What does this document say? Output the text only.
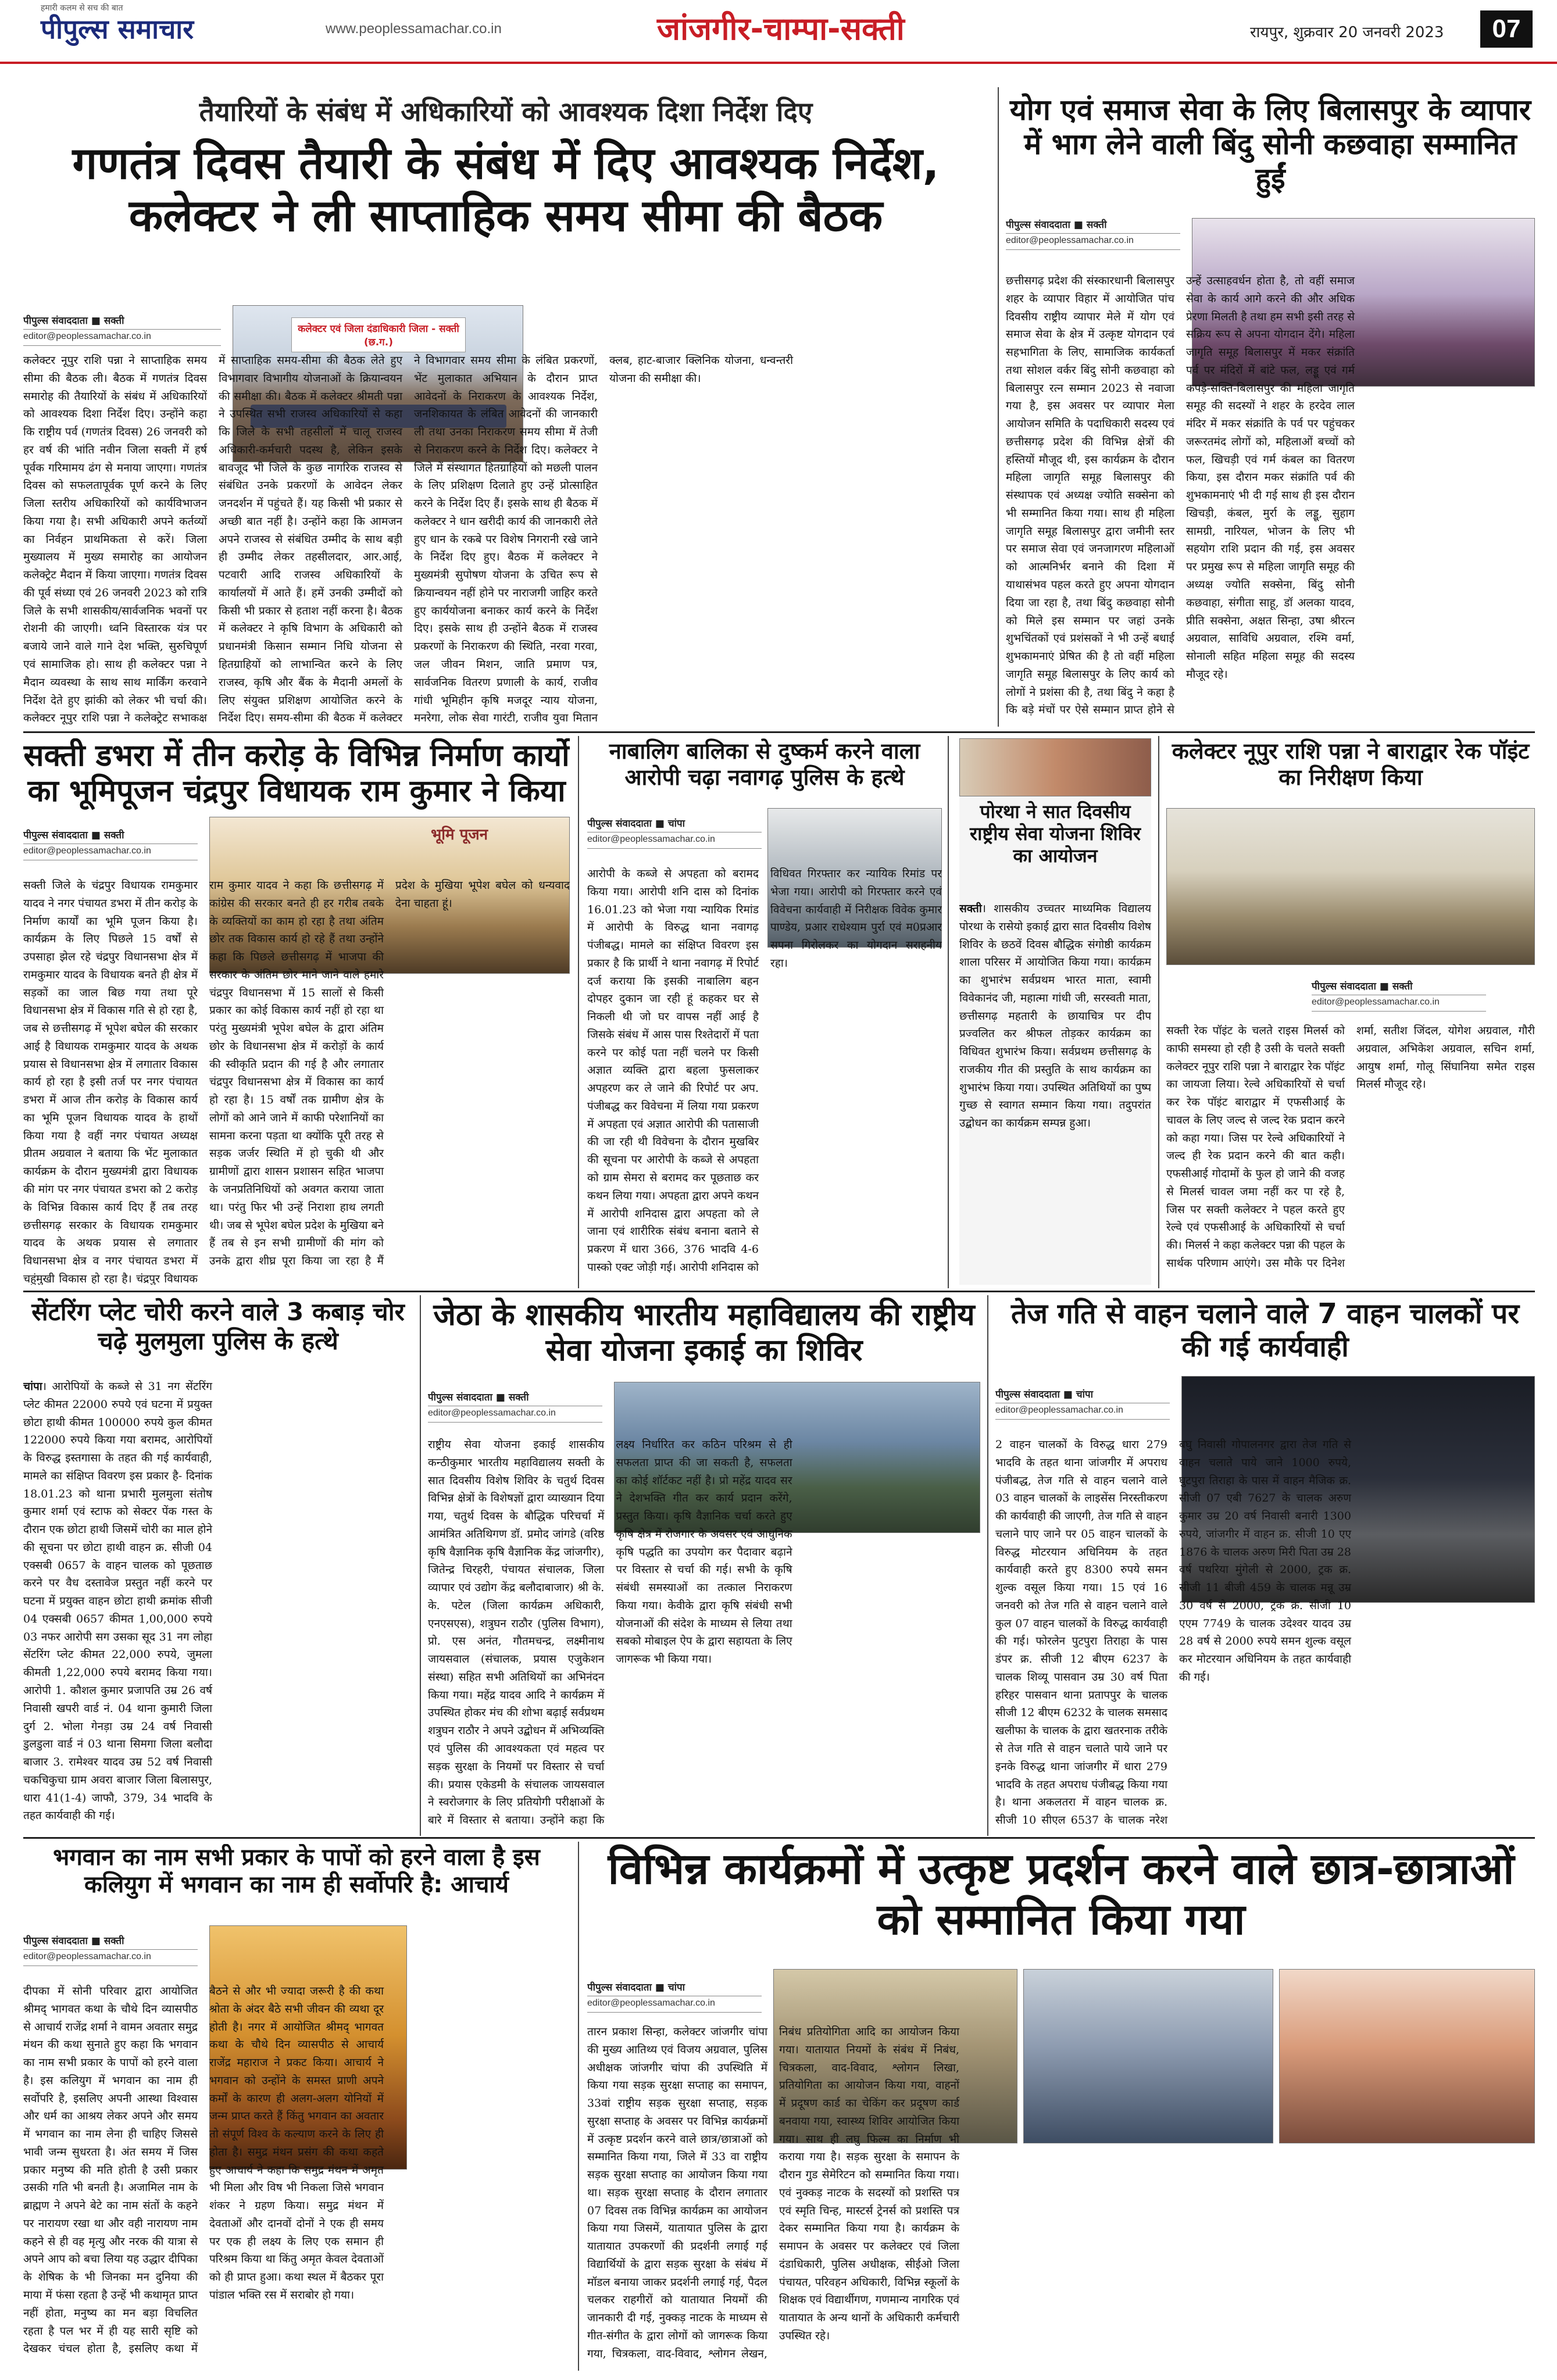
हमारी कलम से सच की बात
पीपुल्स समाचार	www.peoplessamachar.co.in	जांजगीर-चाम्पा-सक्ती	रायपुर, शुक्रवार 20 जनवरी 2023	07
तैयारियों के संबंध में अधिकारियों को आवश्यक दिशा निर्देश दिए
गणतंत्र दिवस तैयारी के संबंध में दिए आवश्यक निर्देश, कलेक्टर ने ली साप्ताहिक समय सीमा की बैठक
पीपुल्स संवाददाता ■ सक्ती
editor@peoplessamachar.co.in
कलेक्टर एवं जिला दंडाधिकारी जिला - सक्ती (छ.ग.)
कलेक्टर नूपुर राशि पन्ना ने साप्ताहिक समय सीमा की बैठक ली। बैठक में गणतंत्र दिवस समारोह की तैयारियों के संबंध में अधिकारियों को आवश्यक दिशा निर्देश दिए। उन्होंने कहा कि राष्ट्रीय पर्व (गणतंत्र दिवस) 26 जनवरी को हर वर्ष की भांति नवीन जिला सक्ती में हर्ष पूर्वक गरिमामय ढंग से मनाया जाएगा। गणतंत्र दिवस को सफलतापूर्वक पूर्ण करने के लिए जिला स्तरीय अधिकारियों को कार्यविभाजन किया गया है। सभी अधिकारी अपने कर्तव्यों का निर्वहन प्राथमिकता से करें। जिला मुख्यालय में मुख्य समारोह का आयोजन कलेक्ट्रेट मैदान में किया जाएगा। गणतंत्र दिवस की पूर्व संध्या एवं 26 जनवरी 2023 को रात्रि जिले के सभी शासकीय/सार्वजनिक भवनों पर रोशनी की जाएगी। ध्वनि विस्तारक यंत्र पर बजाये जाने वाले गाने देश भक्ति, सुरुचिपूर्ण एवं सामाजिक हो। साथ ही कलेक्टर पन्ना ने मैदान व्यवस्था के साथ साथ मार्किंग करवाने निर्देश देते हुए झांकी को लेकर भी चर्चा की। कलेक्टर नूपुर राशि पन्ना ने कलेक्ट्रेट सभाकक्ष में साप्ताहिक समय-सीमा की बैठक लेते हुए विभागवार विभागीय योजनाओं के क्रियान्वयन की समीक्षा की। बैठक में कलेक्टर श्रीमती पन्ना ने उपस्थित सभी राजस्व अधिकारियों से कहा कि जिले के सभी तहसीलों में चालू राजस्व अधिकारी-कर्मचारी पदस्थ है, लेकिन इसके बावजूद भी जिले के कुछ नागरिक राजस्व से संबंधित उनके प्रकरणों के आवेदन लेकर जनदर्शन में पहुंचते हैं। यह किसी भी प्रकार से अच्छी बात नहीं है। उन्होंने कहा कि आमजन अपने राजस्व से संबंधित उम्मीद के साथ बड़ी ही उम्मीद लेकर तहसीलदार, आर.आई, पटवारी आदि राजस्व अधिकारियों के कार्यालयों में आते हैं। हमें उनकी उम्मीदों को किसी भी प्रकार से हताश नहीं करना है। बैठक में कलेक्टर ने कृषि विभाग के अधिकारी को प्रधानमंत्री किसान सम्मान निधि योजना से हितग्राहियों को लाभान्वित करने के लिए राजस्व, कृषि और बैंक के मैदानी अमलों के लिए संयुक्त प्रशिक्षण आयोजित करने के निर्देश दिए। समय-सीमा की बैठक में कलेक्टर ने विभागवार समय सीमा के लंबित प्रकरणों, भेंट मुलाकात अभियान के दौरान प्राप्त आवेदनों के निराकरण के आवश्यक निर्देश, जनशिकायत के लंबित आवेदनों की जानकारी ली तथा उनका निराकरण समय सीमा में तेजी से निराकरण करने के निर्देश दिए। कलेक्टर ने जिले में संस्थागत हितग्राहियों को मछली पालन के लिए प्रशिक्षण दिलाते हुए उन्हें प्रोत्साहित करने के निर्देश दिए हैं। इसके साथ ही बैठक में कलेक्टर ने धान खरीदी कार्य की जानकारी लेते हुए धान के रकबे पर विशेष निगरानी रखे जाने के निर्देश दिए हुए। बैठक में कलेक्टर ने मुख्यमंत्री सुपोषण योजना के उचित रूप से क्रियान्वयन नहीं होने पर नाराजगी जाहिर करते हुए कार्ययोजना बनाकर कार्य करने के निर्देश दिए। इसके साथ ही उन्होंने बैठक में राजस्व प्रकरणों के निराकरण की स्थिति, नरवा गरवा, जल जीवन मिशन, जाति प्रमाण पत्र, सार्वजनिक वितरण प्रणाली के कार्य, राजीव गांधी भूमिहीन कृषि मजदूर न्याय योजना, मनरेगा, लोक सेवा गारंटी, राजीव युवा मितान क्लब, हाट-बाजार क्लिनिक योजना, धन्वन्तरी योजना की समीक्षा की।
योग एवं समाज सेवा के लिए बिलासपुर के व्यापार में भाग लेने वाली बिंदु सोनी कछवाहा सम्मानित हुईं
पीपुल्स संवाददाता ■ सक्ती
editor@peoplessamachar.co.in
छत्तीसगढ़ प्रदेश की संस्कारधानी बिलासपुर शहर के व्यापार विहार में आयोजित पांच दिवसीय राष्ट्रीय व्यापार मेले में योग एवं समाज सेवा के क्षेत्र में उत्कृष्ट योगदान एवं सहभागिता के लिए, सामाजिक कार्यकर्ता तथा सोशल वर्कर बिंदु सोनी कछवाहा को बिलासपुर रत्न सम्मान 2023 से नवाजा गया है, इस अवसर पर व्यापार मेला आयोजन समिति के पदाधिकारी सदस्य एवं छत्तीसगढ़ प्रदेश की विभिन्न क्षेत्रों की हस्तियों मौजूद थी, इस कार्यक्रम के दौरान महिला जागृति समूह बिलासपुर की संस्थापक एवं अध्यक्ष ज्योति सक्सेना को भी सम्मानित किया गया। साथ ही महिला जागृति समूह बिलासपुर द्वारा जमीनी स्तर पर समाज सेवा एवं जनजागरण महिलाओं को आत्मनिर्भर बनाने की दिशा में याथासंभव पहल करते हुए अपना योगदान दिया जा रहा है, तथा बिंदु कछवाहा सोनी को मिले इस सम्मान पर जहां उनके शुभचिंतकों एवं प्रशंसकों ने भी उन्हें बधाई शुभकामनाएं प्रेषित की है तो वहीं महिला जागृति समूह बिलासपुर के लिए कार्य को लोगों ने प्रशंसा की है, तथा बिंदु ने कहा है कि बड़े मंचों पर ऐसे सम्मान प्राप्त होने से उन्हें उत्साहवर्धन होता है, तो वहीं समाज सेवा के कार्य आगे करने की और अधिक प्रेरणा मिलती है तथा हम सभी इसी तरह से सक्रिय रूप से अपना योगदान देंगे। महिला जागृति समूह बिलासपुर में मकर संक्रांति पर्व पर मंदिरों में बांटे फल, लड्डू एवं गर्म कपड़े-सक्ति-बिलासपुर की महिला जागृति समूह की सदस्यों ने शहर के हरदेव लाल मंदिर में मकर संक्रांति के पर्व पर पहुंचकर जरूरतमंद लोगों को, महिलाओं बच्चों को फल, खिचड़ी एवं गर्म कंबल का वितरण किया, इस दौरान मकर संक्रांति पर्व की शुभकामनाएं भी दी गई साथ ही इस दौरान खिचड़ी, कंबल, मुर्रा के लड्डू, सुहाग सामग्री, नारियल, भोजन के लिए भी सहयोग राशि प्रदान की गई, इस अवसर पर प्रमुख रूप से महिला जागृति समूह की अध्यक्ष ज्योति सक्सेना, बिंदु सोनी कछवाहा, संगीता साहू, डॉ अलका यादव, प्रीति सक्सेना, अक्षत सिन्हा, उषा श्रीरत्न अग्रवाल, साविधि अग्रवाल, रश्मि वर्मा, सोनाली सहित महिला समूह की सदस्य मौजूद रहे।
सक्ती डभरा में तीन करोड़ के विभिन्न निर्माण कार्यो का भूमिपूजन चंद्रपुर विधायक राम कुमार ने किया
पीपुल्स संवाददाता ■ सक्ती
editor@peoplessamachar.co.in
भूमि पूजन
सक्ती जिले के चंद्रपुर विधायक रामकुमार यादव ने नगर पंचायत डभरा में तीन करोड़ के निर्माण कार्यों का भूमि पूजन किया है। कार्यक्रम के लिए पिछले 15 वर्षों से उपसाहा झेल रहे चंद्रपुर विधानसभा क्षेत्र में रामकुमार यादव के विधायक बनते ही क्षेत्र में सड़कों का जाल बिछ गया तथा पूरे विधानसभा क्षेत्र में विकास गति से हो रहा है, जब से छत्तीसगढ़ में भूपेश बघेल की सरकार आई है विधायक रामकुमार यादव के अथक प्रयास से विधानसभा क्षेत्र में लगातार विकास कार्य हो रहा है इसी तर्ज पर नगर पंचायत डभरा में आज तीन करोड़ के विकास कार्य का भूमि पूजन विधायक यादव के हाथों किया गया है वहीं नगर पंचायत अध्यक्ष प्रीतम अग्रवाल ने बताया कि भेंट मुलाकात कार्यक्रम के दौरान मुख्यमंत्री द्वारा विधायक की मांग पर नगर पंचायत डभरा को 2 करोड़ के विभिन्न विकास कार्य दिए हैं तब तरह छत्तीसगढ़ सरकार के विधायक रामकुमार यादव के अथक प्रयास से लगातार विधानसभा क्षेत्र व नगर पंचायत डभरा में चहुंमुखी विकास हो रहा है। चंद्रपुर विधायक राम कुमार यादव ने कहा कि छत्तीसगढ़ में कांग्रेस की सरकार बनते ही हर गरीब तबके के व्यक्तियों का काम हो रहा है तथा अंतिम छोर तक विकास कार्य हो रहे हैं तथा उन्होंने कहा कि पिछले छत्तीसगढ़ में भाजपा की सरकार के अंतिम छोर माने जाने वाले हमारे चंद्रपुर विधानसभा में 15 सालों से किसी प्रकार का कोई विकास कार्य नहीं हो रहा था परंतु मुख्यमंत्री भूपेश बघेल के द्वारा अंतिम छोर के विधानसभा क्षेत्र में करोड़ों के कार्य की स्वीकृति प्रदान की गई है और लगातार चंद्रपुर विधानसभा क्षेत्र में विकास का कार्य हो रहा है। 15 वर्षों तक ग्रामीण क्षेत्र के लोगों को आने जाने में काफी परेशानियों का सामना करना पड़ता था क्योंकि पूरी तरह से सड़क जर्जर स्थिति में हो चुकी थी और ग्रामीणों द्वारा शासन प्रशासन सहित भाजपा के जनप्रतिनिधियों को अवगत कराया जाता था। परंतु फिर भी उन्हें निराशा हाथ लगती थी। जब से भूपेश बघेल प्रदेश के मुखिया बने हैं तब से इन सभी ग्रामीणों की मांग को उनके द्वारा शीघ्र पूरा किया जा रहा है मैं प्रदेश के मुखिया भूपेश बघेल को धन्यवाद देना चाहता हूं।
नाबालिग बालिका से दुष्कर्म करने वाला आरोपी चढ़ा नवागढ़ पुलिस के हत्थे
पीपुल्स संवाददाता ■ चांपा
editor@peoplessamachar.co.in
आरोपी के कब्जे से अपहता को बरामद किया गया। आरोपी शनि दास को दिनांक 16.01.23 को भेजा गया न्यायिक रिमांड में आरोपी के विरुद्ध थाना नवागढ़ पंजीबद्ध। मामले का संक्षिप्त विवरण इस प्रकार है कि प्रार्थी ने थाना नवागढ़ में रिपोर्ट दर्ज कराया कि इसकी नाबालिग बहन दोपहर दुकान जा रही हूं कहकर घर से निकली थी जो घर वापस नहीं आई है जिसके संबंध में आस पास रिश्तेदारों में पता करने पर कोई पता नहीं चलने पर किसी अज्ञात व्यक्ति द्वारा बहला फुसलाकर अपहरण कर ले जाने की रिपोर्ट पर अप. पंजीबद्ध कर विवेचना में लिया गया प्रकरण में अपहता एवं अज्ञात आरोपी की पतासाजी की जा रही थी विवेचना के दौरान मुखबिर की सूचना पर आरोपी के कब्जे से अपहता को ग्राम सेमरा से बरामद कर पूछताछ कर कथन लिया गया। अपहता द्वारा अपने कथन में आरोपी शनिदास द्वारा अपहता को ले जाना एवं शारीरिक संबंध बनाना बताने से प्रकरण में धारा 366, 376 भादवि 4-6 पास्को एक्ट जोड़ी गई। आरोपी शनिदास को विधिवत गिरफ्तार कर न्यायिक रिमांड पर भेजा गया। आरोपी को गिरफ्तार करने एवं विवेचना कार्यवाही में निरीक्षक विवेक कुमार पाण्डेय, प्रआर राधेश्याम पुर्रा एवं म0प्रआर सपना गिरोलकर का योगदान सराहनीय रहा।
पोरथा ने सात दिवसीय राष्ट्रीय सेवा योजना शिविर का आयोजन
सक्ती। शासकीय उच्चतर माध्यमिक विद्यालय पोरथा के रासेयो इकाई द्वारा सात दिवसीय विशेष शिविर के छठवें दिवस बौद्धिक संगोष्ठी कार्यक्रम शाला परिसर में आयोजित किया गया। कार्यक्रम का शुभारंभ सर्वप्रथम भारत माता, स्वामी विवेकानंद जी, महात्मा गांधी जी, सरस्वती माता, छत्तीसगढ़ महतारी के छायाचित्र पर दीप प्रज्वलित कर श्रीफल तोड़कर कार्यक्रम का विधिवत शुभारंभ किया। सर्वप्रथम छत्तीसगढ़ के राजकीय गीत की प्रस्तुति के साथ कार्यक्रम का शुभारंभ किया गया। उपस्थित अतिथियों का पुष्प गुच्छ से स्वागत सम्मान किया गया। तदुपरांत उद्बोधन का कार्यक्रम सम्पन्न हुआ।
कलेक्टर नूपुर राशि पन्ना ने बाराद्वार रेक पॉइंट का निरीक्षण किया
पीपुल्स संवाददाता ■ सक्ती
editor@peoplessamachar.co.in
सक्ती रेक पॉइंट के चलते राइस मिलर्स को काफी समस्या हो रही है उसी के चलते सक्ती कलेक्टर नूपुर राशि पन्ना ने बाराद्वार रेक पॉइंट का जायजा लिया। रेल्वे अधिकारियों से चर्चा कर रेक पॉइंट बाराद्वार में एफसीआई के चावल के लिए जल्द से जल्द रेक प्रदान करने को कहा गया। जिस पर रेल्वे अधिकारियों ने जल्द ही रेक प्रदान करने की बात कही। एफसीआई गोदामों के फुल हो जाने की वजह से मिलर्स चावल जमा नहीं कर पा रहे है, जिस पर सक्ती कलेक्टर ने पहल करते हुए रेल्वे एवं एफसीआई के अधिकारियों से चर्चा की। मिलर्स ने कहा कलेक्टर पन्ना की पहल के सार्थक परिणाम आएंगे। उस मौके पर दिनेश शर्मा, सतीश जिंदल, योगेश अग्रवाल, गौरी अग्रवाल, अभिकेश अग्रवाल, सचिन शर्मा, आयुष शर्मा, गोलू सिंघानिया समेत राइस मिलर्स मौजूद रहे।
सेंटरिंग प्लेट चोरी करने वाले 3 कबाड़ चोर चढ़े मुलमुला पुलिस के हत्थे
चांपा। आरोपियों के कब्जे से 31 नग सेंटरिंग प्लेट कीमत 22000 रुपये एवं घटना में प्रयुक्त छोटा हाथी कीमत 100000 रुपये कुल कीमत 122000 रुपये किया गया बरामद, आरोपियों के विरुद्ध इस्तगासा के तहत की गई कार्यवाही, मामले का संक्षिप्त विवरण इस प्रकार है- दिनांक 18.01.23 को थाना प्रभारी मुलमुला संतोष कुमार शर्मा एवं स्टाफ को सेक्टर पेंक गस्त के दौरान एक छोटा हाथी जिसमें चोरी का माल होने की सूचना पर छोटा हाथी वाहन क्र. सीजी 04 एक्सबी 0657 के वाहन चालक को पूछताछ करने पर वैध दस्तावेज प्रस्तुत नहीं करने पर घटना में प्रयुक्त वाहन छोटा हाथी क्रमांक सीजी 04 एक्सबी 0657 कीमत 1,00,000 रुपये 03 नफर आरोपी सग उसका सूद 31 नग लोहा सेंटरिंग प्लेट कीमत 22,000 रुपये, जुमला कीमती 1,22,000 रुपये बरामद किया गया। आरोपी 1. कौशल कुमार प्रजापति उम्र 26 वर्ष निवासी खपरी वार्ड नं. 04 थाना कुमारी जिला दुर्ग 2. भोला गेनड़ा उम्र 24 वर्ष निवासी डुलडुला वार्ड नं 03 थाना सिमगा जिला बलौदा बाजार 3. रामेश्वर यादव उम्र 52 वर्ष निवासी चकचिकुचा ग्राम अवरा बाजार जिला बिलासपुर, धारा 41(1-4) जाफौ, 379, 34 भादवि के तहत कार्यवाही की गई।
जेठा के शासकीय भारतीय महाविद्यालय की राष्ट्रीय सेवा योजना इकाई का शिविर
पीपुल्स संवाददाता ■ सक्ती
editor@peoplessamachar.co.in
राष्ट्रीय सेवा योजना इकाई शासकीय कन्ठीकुमार भारतीय महाविद्यालय सक्ती के सात दिवसीय विशेष शिविर के चतुर्थ दिवस विभिन्न क्षेत्रों के विशेषज्ञों द्वारा व्याख्यान दिया गया, चतुर्थ दिवस के बौद्धिक परिचर्चा में आमंत्रित अतिथिगण डॉ. प्रमोद जांगडे (वरिष्ठ कृषि वैज्ञानिक कृषि वैज्ञानिक केंद्र जांजगीर), जितेन्द्र चिरहरी, पंचायत संचालक, जिला व्यापार एवं उद्योग केंद्र बलौदाबाजार) श्री के. के. पटेल (जिला कार्यक्रम अधिकारी, एनएसएस), शत्रुघन राठौर (पुलिस विभाग), प्रो. एस अनंत, गौतमचन्द्र, लक्ष्मीनाथ जायसवाल (संचालक, प्रयास एजुकेशन संस्था) सहित सभी अतिथियों का अभिनंदन किया गया। महेंद्र यादव आदि ने कार्यक्रम में उपस्थित होकर मंच की शोभा बढ़ाई सर्वप्रथम शत्रुघन राठौर ने अपने उद्बोधन में अभिव्यक्ति एवं पुलिस की आवश्यकता एवं महत्व पर सड़क सुरक्षा के नियमों पर विस्तार से चर्चा की। प्रयास एकेडमी के संचालक जायसवाल ने स्वरोजगार के लिए प्रतियोगी परीक्षाओं के बारे में विस्तार से बताया। उन्होंने कहा कि लक्ष्य निर्धारित कर कठिन परिश्रम से ही सफलता प्राप्त की जा सकती है, सफलता का कोई शॉर्टकट नहीं है। प्रो महेंद्र यादव सर ने देशभक्ति गीत कर कार्य प्रदान करेंगे, प्रस्तुत किया। कृषि वैज्ञानिक चर्चा करते हुए कृषि क्षेत्र में रोजगार के अवसर एवं आधुनिक कृषि पद्धति का उपयोग कर पैदावार बढ़ाने पर विस्तार से चर्चा की गई। सभी के कृषि संबंधी समस्याओं का तत्काल निराकरण किया गया। केवीके द्वारा कृषि संबंधी सभी योजनाओं की संदेश के माध्यम से लिया तथा सबको मोबाइल ऐप के द्वारा सहायता के लिए जागरूक भी किया गया।
तेज गति से वाहन चलाने वाले 7 वाहन चालकों पर की गई कार्यवाही
पीपुल्स संवाददाता ■ चांपा
editor@peoplessamachar.co.in
2 वाहन चालकों के विरुद्ध धारा 279 भादवि के तहत थाना जांजगीर में अपराध पंजीबद्ध, तेज गति से वाहन चलाने वाले 03 वाहन चालकों के लाइसेंस निरस्तीकरण की कार्यवाही की जाएगी, तेज गति से वाहन चलाने पाए जाने पर 05 वाहन चालकों के विरुद्ध मोटरयान अधिनियम के तहत कार्यवाही करते हुए 8300 रुपये समन शुल्क वसूल किया गया। 15 एवं 16 जनवरी को तेज गति से वाहन चलाने वाले कुल 07 वाहन चालकों के विरुद्ध कार्यवाही की गई। फोरलेन पुटपुरा तिराहा के पास डंपर क्र. सीजी 12 बीएम 6237 के चालक शिव्यू पासवान उम्र 30 वर्ष पिता हरिहर पासवान थाना प्रतापपुर के चालक सीजी 12 बीएम 6232 के चालक समसाद खलीफा के चालक के द्वारा खतरनाक तरीके से तेज गति से वाहन चलाते पाये जाने पर इनके विरुद्ध थाना जांजगीर में धारा 279 भादवि के तहत अपराध पंजीबद्ध किया गया है। थाना अकलतरा में वाहन चालक क्र. सीजी 10 सीएल 6537 के चालक नरेश बघु निवासी गोपालनगर द्वारा तेज गति से वाहन चलाते पाये जाने 1000 रुपये, घुटपुरा तिराहा के पास में वाहन मैजिक क्र. सीजी 07 एबी 7627 के चालक अरुण कुमार उम्र 20 वर्ष निवासी बनारी 1300 रुपये, जांजगीर में वाहन क्र. सीजी 10 एए 1876 के चालक अरुण मिरी पिता उम्र 28 वर्ष पथरिया मुंगेली से 2000, ट्रक क्र. सीजी 11 बीजी 459 के चालक मन्नू उम्र 30 वर्ष से 2000, ट्रक क्र. सीजी 10 एएम 7749 के चालक उदेश्वर यादव उम्र 28 वर्ष से 2000 रुपये समन शुल्क वसूल कर मोटरयान अधिनियम के तहत कार्यवाही की गई।
भगवान का नाम सभी प्रकार के पापों को हरने वाला है इस कलियुग में भगवान का नाम ही सर्वोपरि है: आचार्य
पीपुल्स संवाददाता ■ सक्ती
editor@peoplessamachar.co.in
दीपका में सोनी परिवार द्वारा आयोजित श्रीमद् भागवत कथा के चौथे दिन व्यासपीठ से आचार्य राजेंद्र शर्मा ने वामन अवतार समुद्र मंथन की कथा सुनाते हुए कहा कि भगवान का नाम सभी प्रकार के पापों को हरने वाला है। इस कलियुग में भगवान का नाम ही सर्वोपरि है, इसलिए अपनी आस्था विश्वास और धर्म का आश्रय लेकर अपने और समय में भगवान का नाम लेना ही चाहिए जिससे भावी जन्म सुधरता है। अंत समय में जिस प्रकार मनुष्य की मति होती है उसी प्रकार उसकी गति भी बनती है। अजामिल नाम के ब्राह्मण ने अपने बेटे का नाम संतों के कहने पर नारायण रखा था और वही नारायण नाम कहने से ही वह मृत्यु और नरक की यात्रा से अपने आप को बचा लिया यह उद्धार दीपिका के शेषिक के भी जिनका मन दुनिया की माया में फंसा रहता है उन्हें भी कथामृत प्राप्त नहीं होता, मनुष्य का मन बड़ा विचलित रहता है पल भर में ही यह सारी सृष्टि को देखकर चंचल होता है, इसलिए कथा में बैठने से और भी ज्यादा जरूरी है की कथा श्रोता के अंदर बैठे सभी जीवन की व्यथा दूर होती है। नगर में आयोजित श्रीमद् भागवत कथा के चौथे दिन व्यासपीठ से आचार्य राजेंद्र महाराज ने प्रकट किया। आचार्य ने भगवान को उन्होंने के समस्त प्राणी अपने कर्मों के कारण ही अलग-अलग योनियों में जन्म प्राप्त करते हैं किंतु भगवान का अवतार तो संपूर्ण विश्व के कल्याण करने के लिए ही होता है। समुद्र मंथन प्रसंग की कथा कहते हुए आचार्य ने कहा कि समुद्र मंथन में अमृत भी मिला और विष भी निकला जिसे भगवान शंकर ने ग्रहण किया। समुद्र मंथन में देवताओं और दानवों दोनों ने एक ही समय पर एक ही लक्ष्य के लिए एक समान ही परिश्रम किया था किंतु अमृत केवल देवताओं को ही प्राप्त हुआ। कथा स्थल में बैठकर पूरा पांडाल भक्ति रस में सराबोर हो गया।
विभिन्न कार्यक्रमों में उत्कृष्ट प्रदर्शन करने वाले छात्र-छात्राओं को सम्मानित किया गया
पीपुल्स संवाददाता ■ चांपा
editor@peoplessamachar.co.in
तारन प्रकाश सिन्हा, कलेक्टर जांजगीर चांपा की मुख्य आतिथ्य एवं विजय अग्रवाल, पुलिस अधीक्षक जांजगीर चांपा की उपस्थिति में किया गया सड़क सुरक्षा सप्ताह का समापन, 33वां राष्ट्रीय सड़क सुरक्षा सप्ताह, सड़क सुरक्षा सप्ताह के अवसर पर विभिन्न कार्यक्रमों में उत्कृष्ट प्रदर्शन करने वाले छात्र/छात्राओं को सम्मानित किया गया, जिले में 33 वा राष्ट्रीय सड़क सुरक्षा सप्ताह का आयोजन किया गया था। सड़क सुरक्षा सप्ताह के दौरान लगातार 07 दिवस तक विभिन्न कार्यक्रम का आयोजन किया गया जिसमें, यातायात पुलिस के द्वारा यातायात उपकरणों की प्रदर्शनी लगाई गई विद्यार्थियों के द्वारा सड़क सुरक्षा के संबंध में मॉडल बनाया जाकर प्रदर्शनी लगाई गई, पैदल चलकर राहगीरों को यातायात नियमों की जानकारी दी गई, नुक्कड़ नाटक के माध्यम से गीत-संगीत के द्वारा लोगों को जागरूक किया गया, चित्रकला, वाद-विवाद, श्लोगन लेखन, निबंध प्रतियोगिता आदि का आयोजन किया गया। यातायात नियमों के संबंध में निबंध, चित्रकला, वाद-विवाद, श्लोगन लिखा, प्रतियोगिता का आयोजन किया गया, वाहनों में प्रदूषण कार्ड का चेकिंग कर प्रदूषण कार्ड बनवाया गया, स्वास्थ्य शिविर आयोजित किया गया। साथ ही लघु फिल्म का निर्माण भी कराया गया है। सड़क सुरक्षा के समापन के दौरान गुड सेमेरिटन को सम्मानित किया गया। एवं नुक्कड़ नाटक के सदस्यों को प्रशस्ति पत्र एवं स्मृति चिन्ह, मास्टर्स ट्रेनर्स को प्रशस्ति पत्र देकर सम्मानित किया गया है। कार्यक्रम के समापन के अवसर पर कलेक्टर एवं जिला दंडाधिकारी, पुलिस अधीक्षक, सीईओ जिला पंचायत, परिवहन अधिकारी, विभिन्न स्कूलों के शिक्षक एवं विद्यार्थीगण, गणमान्य नागरिक एवं यातायात के अन्य थानों के अधिकारी कर्मचारी उपस्थित रहे।
